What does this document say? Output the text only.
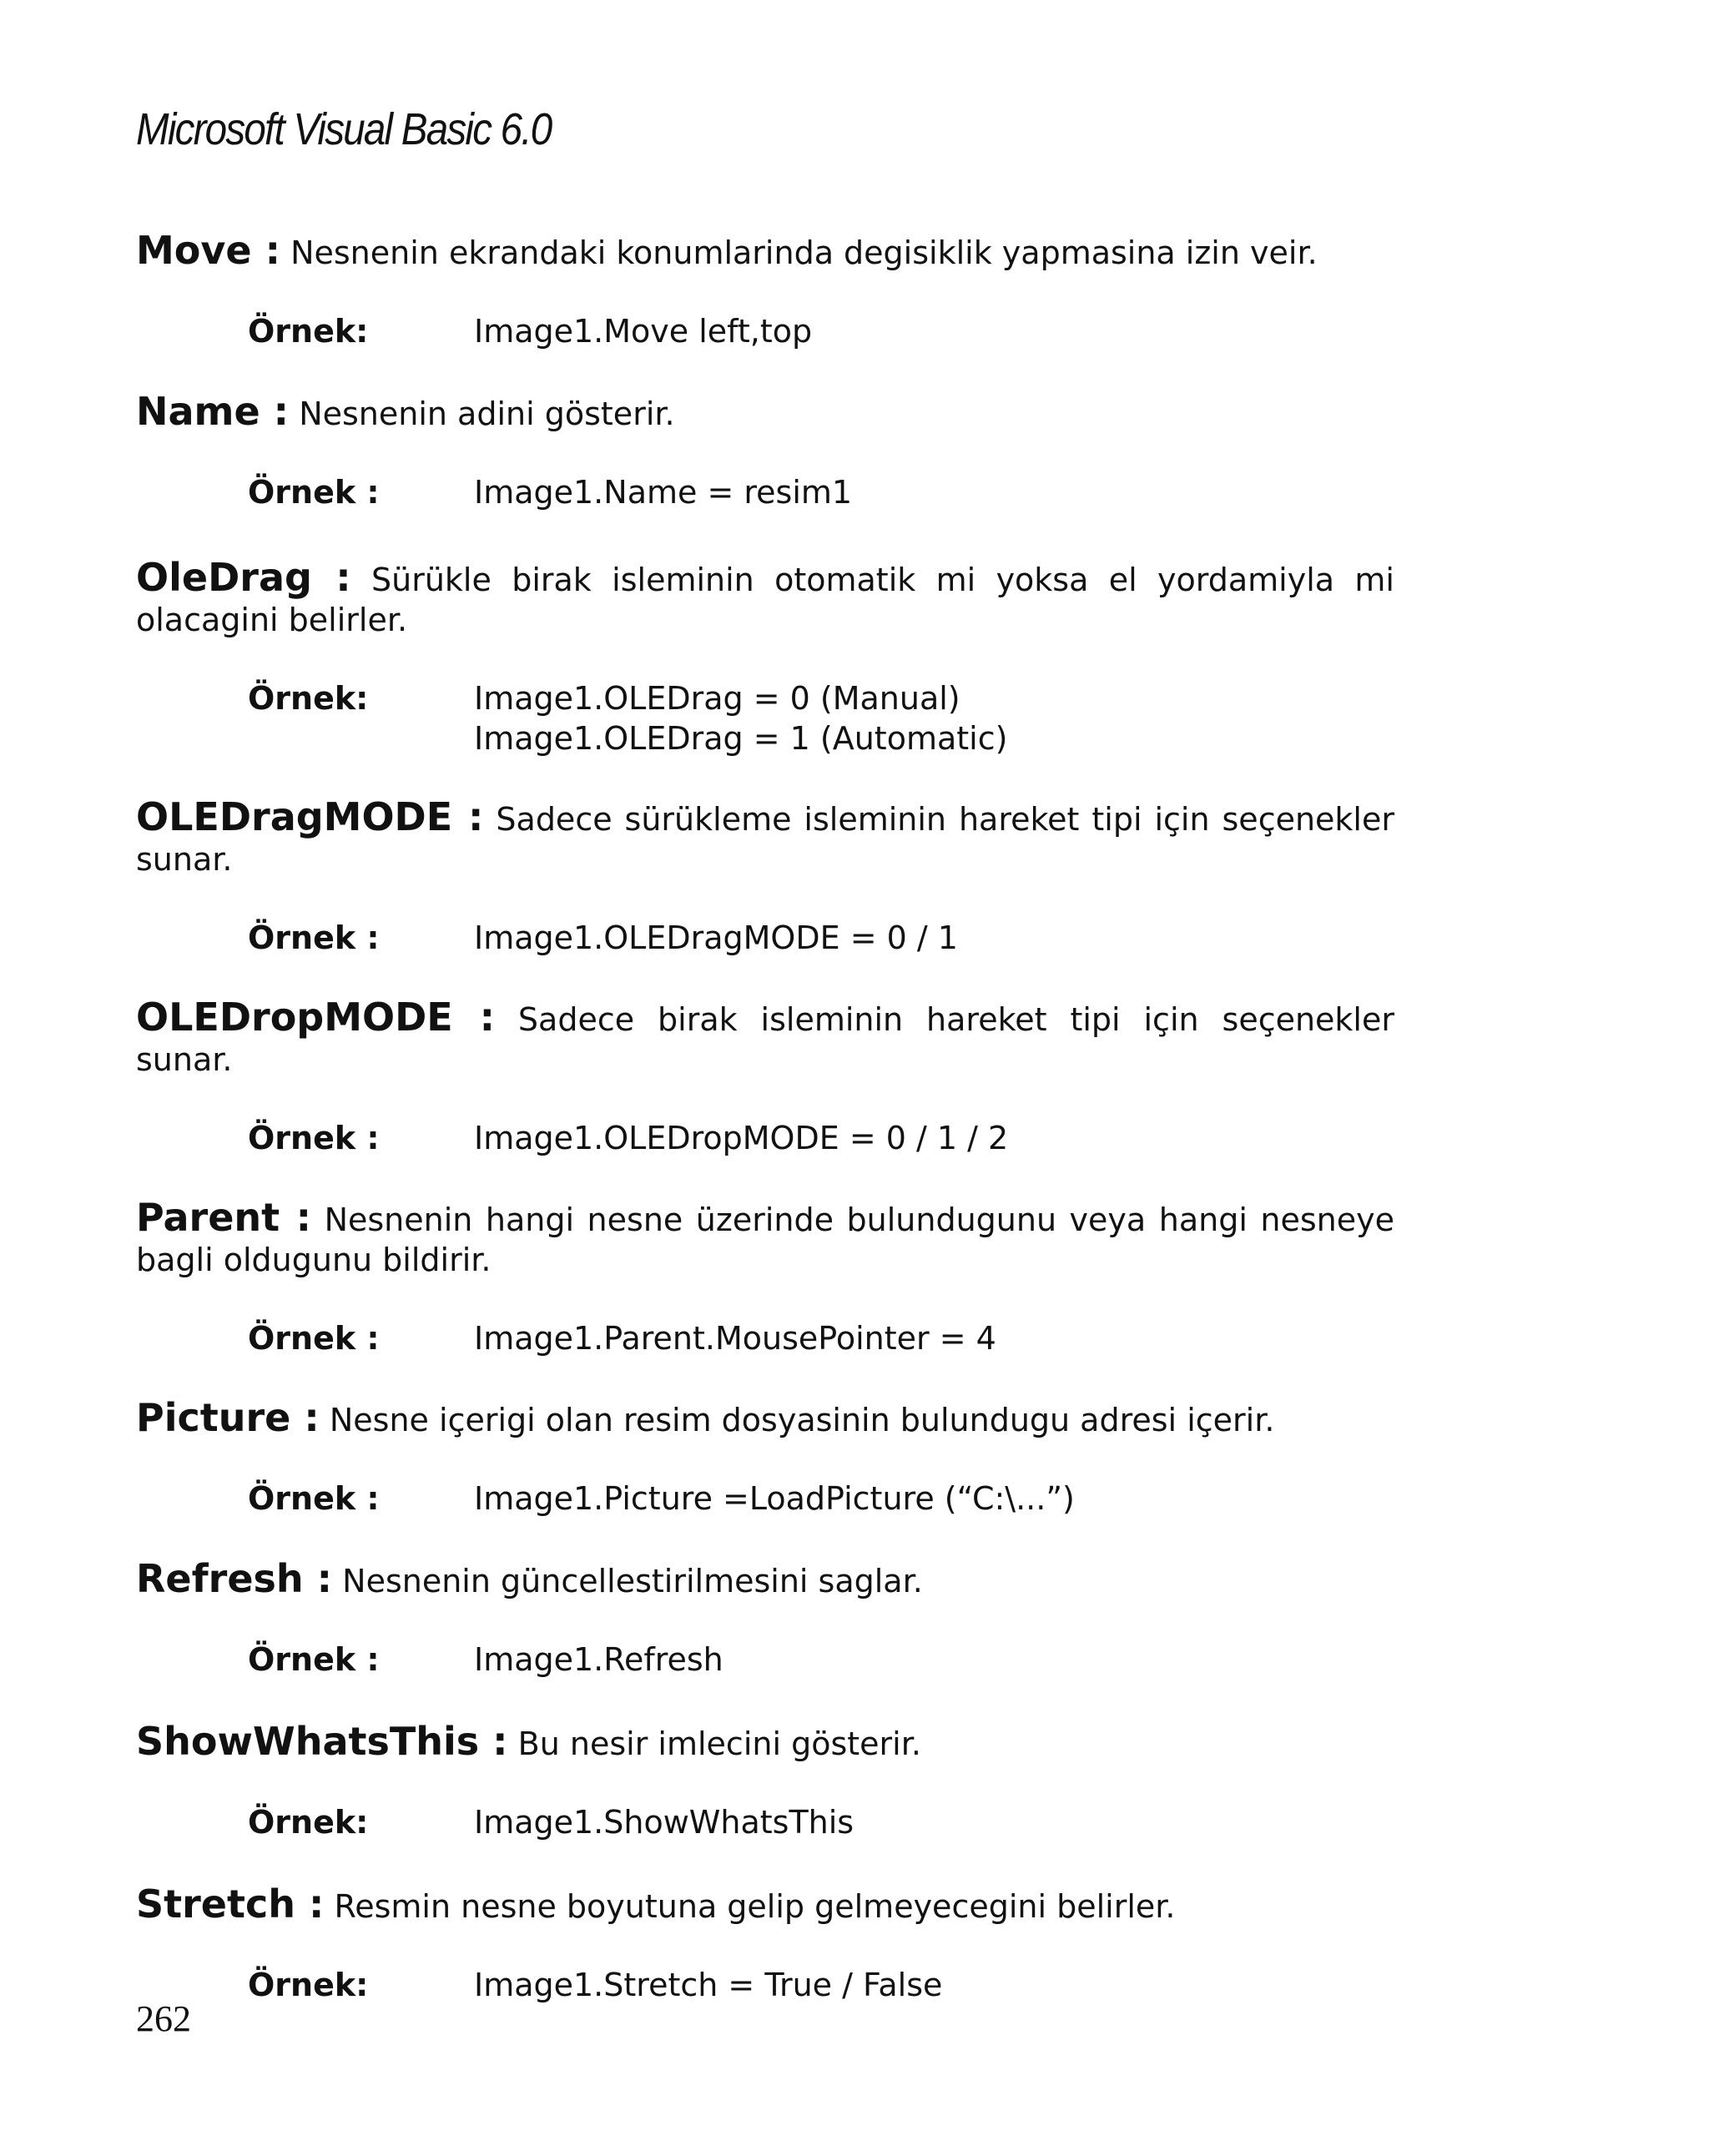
Microsoft Visual Basic 6.0

Move : Nesnenin ekrandaki konumlarinda degisiklik yapmasina izin veir.

Örnek:	Image1.Move left,top

Name : Nesnenin adini gösterir.

Örnek :	Image1.Name = resim1

OleDrag : Sürükle birak isleminin otomatik mi yoksa el yordamiyla mi olacagini belirler.

Örnek:	Image1.OLEDrag = 0 (Manual)
Image1.OLEDrag = 1 (Automatic)

OLEDragMODE : Sadece sürükleme isleminin hareket tipi için seçenekler sunar.

Örnek :	Image1.OLEDragMODE = 0 / 1

OLEDropMODE : Sadece birak isleminin hareket tipi için seçenekler sunar.

Örnek :	Image1.OLEDropMODE = 0 / 1 / 2

Parent : Nesnenin hangi nesne üzerinde bulundugunu veya hangi nesneye bagli oldugunu bildirir.

Örnek :	Image1.Parent.MousePointer = 4

Picture : Nesne içerigi olan resim dosyasinin bulundugu adresi içerir.

Örnek :	Image1.Picture =LoadPicture (“C:\...”)

Refresh : Nesnenin güncellestirilmesini saglar.

Örnek :	Image1.Refresh

ShowWhatsThis : Bu nesir imlecini gösterir.

Örnek:	Image1.ShowWhatsThis

Stretch : Resmin nesne boyutuna gelip gelmeyecegini belirler.

Örnek:	Image1.Stretch = True / False
262
